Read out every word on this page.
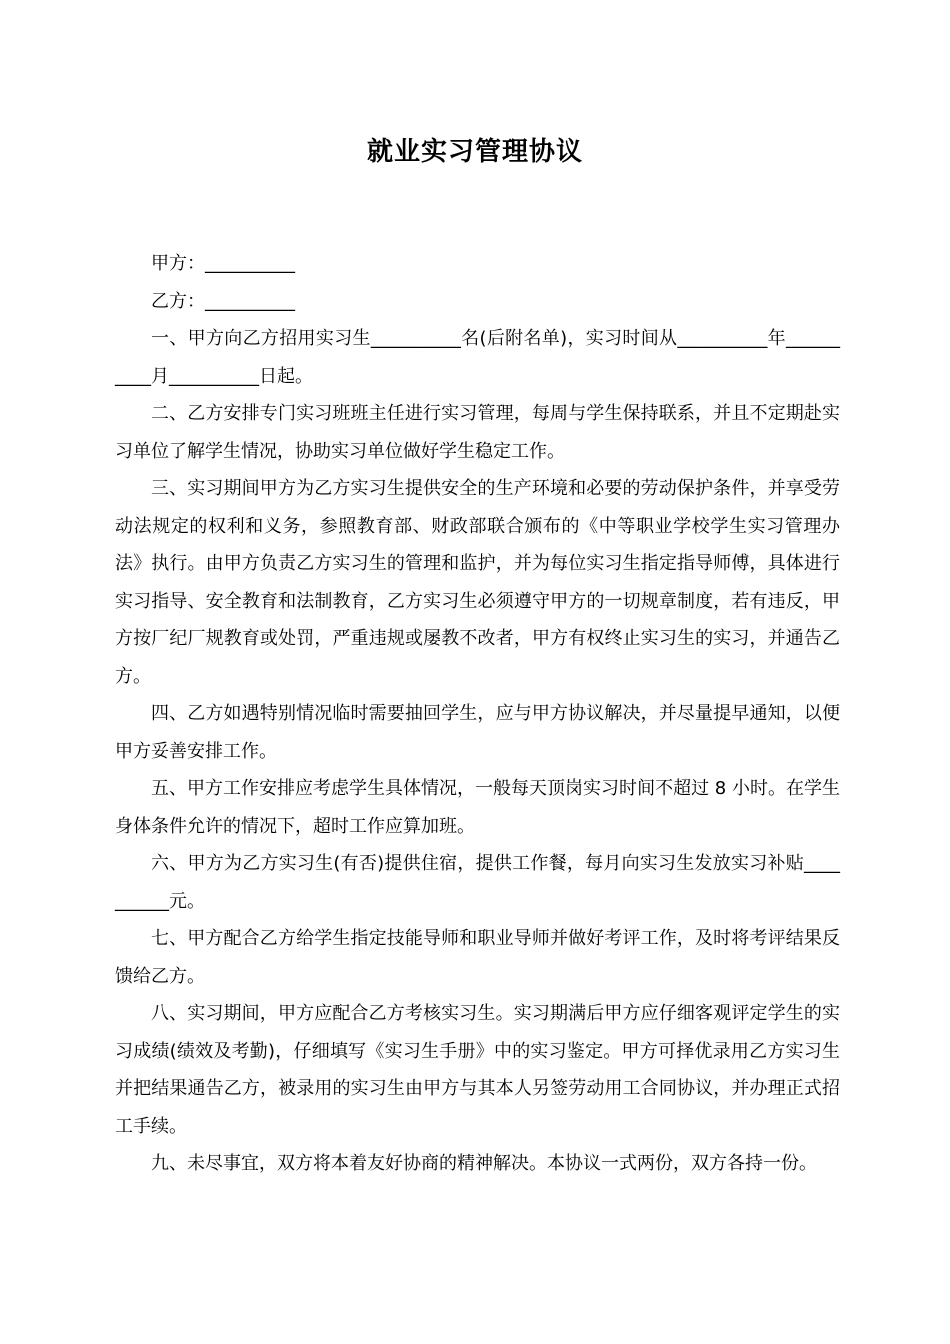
就业实习管理协议

甲方：__________

乙方：__________

一、甲方向乙方招用实习生__________名(后附名单)，实习时间从__________年__________月__________日起。

二、乙方安排专门实习班班主任进行实习管理，每周与学生保持联系，并且不定期赴实习单位了解学生情况，协助实习单位做好学生稳定工作。

三、实习期间甲方为乙方实习生提供安全的生产环境和必要的劳动保护条件，并享受劳动法规定的权利和义务，参照教育部、财政部联合颁布的《中等职业学校学生实习管理办法》执行。由甲方负责乙方实习生的管理和监护，并为每位实习生指定指导师傅，具体进行实习指导、安全教育和法制教育，乙方实习生必须遵守甲方的一切规章制度，若有违反，甲方按厂纪厂规教育或处罚，严重违规或屡教不改者，甲方有权终止实习生的实习，并通告乙方。

四、乙方如遇特别情况临时需要抽回学生，应与甲方协议解决，并尽量提早通知，以便甲方妥善安排工作。

五、甲方工作安排应考虑学生具体情况，一般每天顶岗实习时间不超过 8 小时。在学生身体条件允许的情况下，超时工作应算加班。

六、甲方为乙方实习生(有否)提供住宿，提供工作餐，每月向实习生发放实习补贴__________元。

七、甲方配合乙方给学生指定技能导师和职业导师并做好考评工作，及时将考评结果反馈给乙方。

八、实习期间，甲方应配合乙方考核实习生。实习期满后甲方应仔细客观评定学生的实习成绩(绩效及考勤)，仔细填写《实习生手册》中的实习鉴定。甲方可择优录用乙方实习生并把结果通告乙方，被录用的实习生由甲方与其本人另签劳动用工合同协议，并办理正式招工手续。

九、未尽事宜，双方将本着友好协商的精神解决。本协议一式两份，双方各持一份。
